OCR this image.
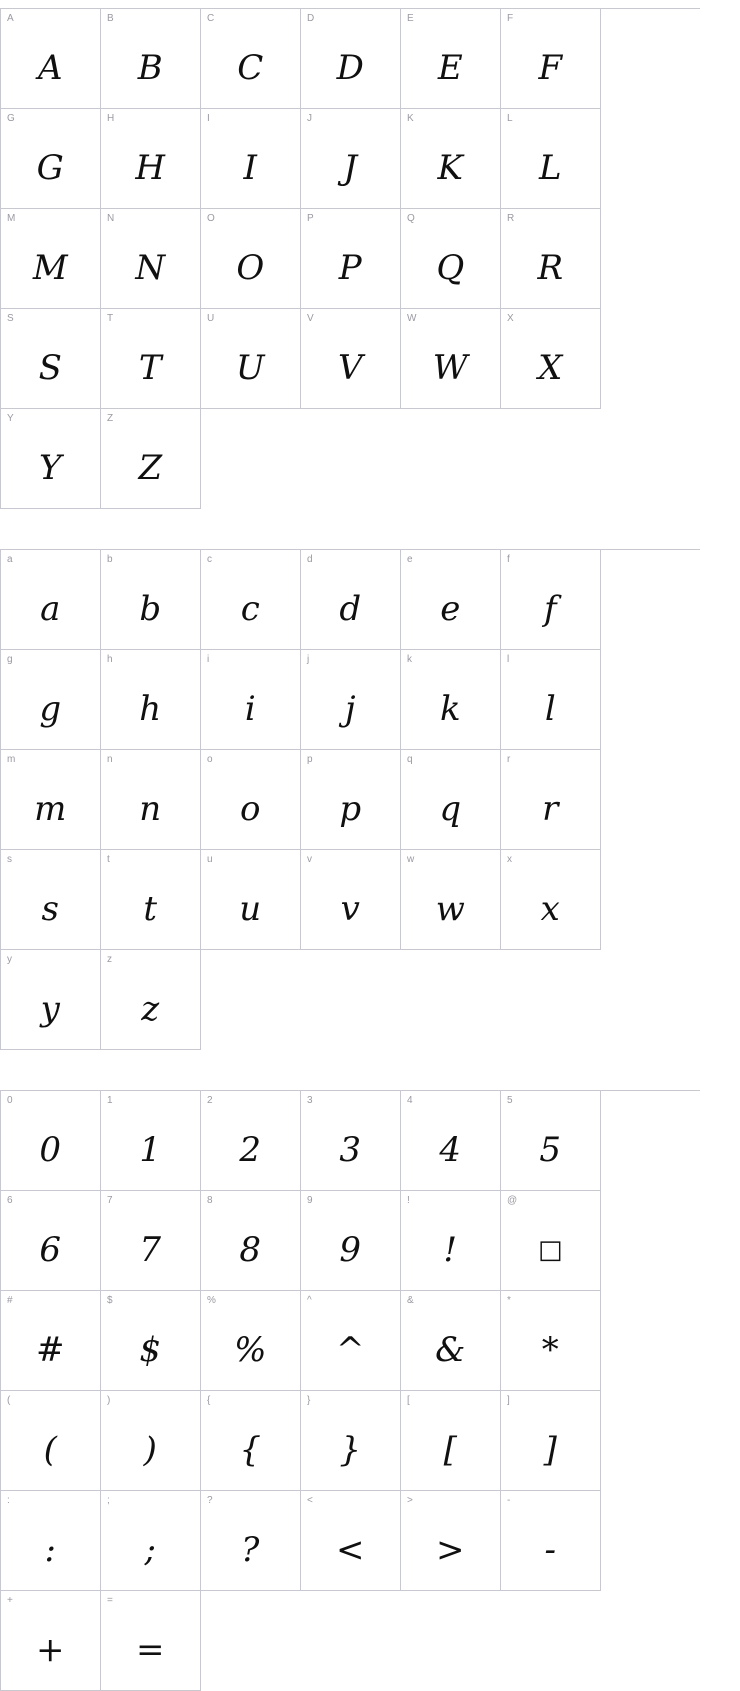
A
A
B
B
C
C
D
D
E
E
F
F
G
G
H
H
I
I
J
J
K
K
L
L
M
M
N
N
O
O
P
P
Q
Q
R
R
S
S
T
T
U
U
V
V
W
W
X
X
Y
Y
Z
Z
a
a
b
b
c
c
d
d
e
e
f
f
g
g
h
h
i
i
j
j
k
k
l
l
m
m
n
n
o
o
p
p
q
q
r
r
s
s
t
t
u
u
v
v
w
w
x
x
y
y
z
z
0
0
1
1
2
2
3
3
4
4
5
5
6
6
7
7
8
8
9
9
!
!
@
□
#
#
$
$
%
%
^
^
&
&
*
*
(
(
)
)
{
{
}
}
[
[
]
]
:
:
;
;
?
?
<
<
>
>
-
-
+
+
=
=
